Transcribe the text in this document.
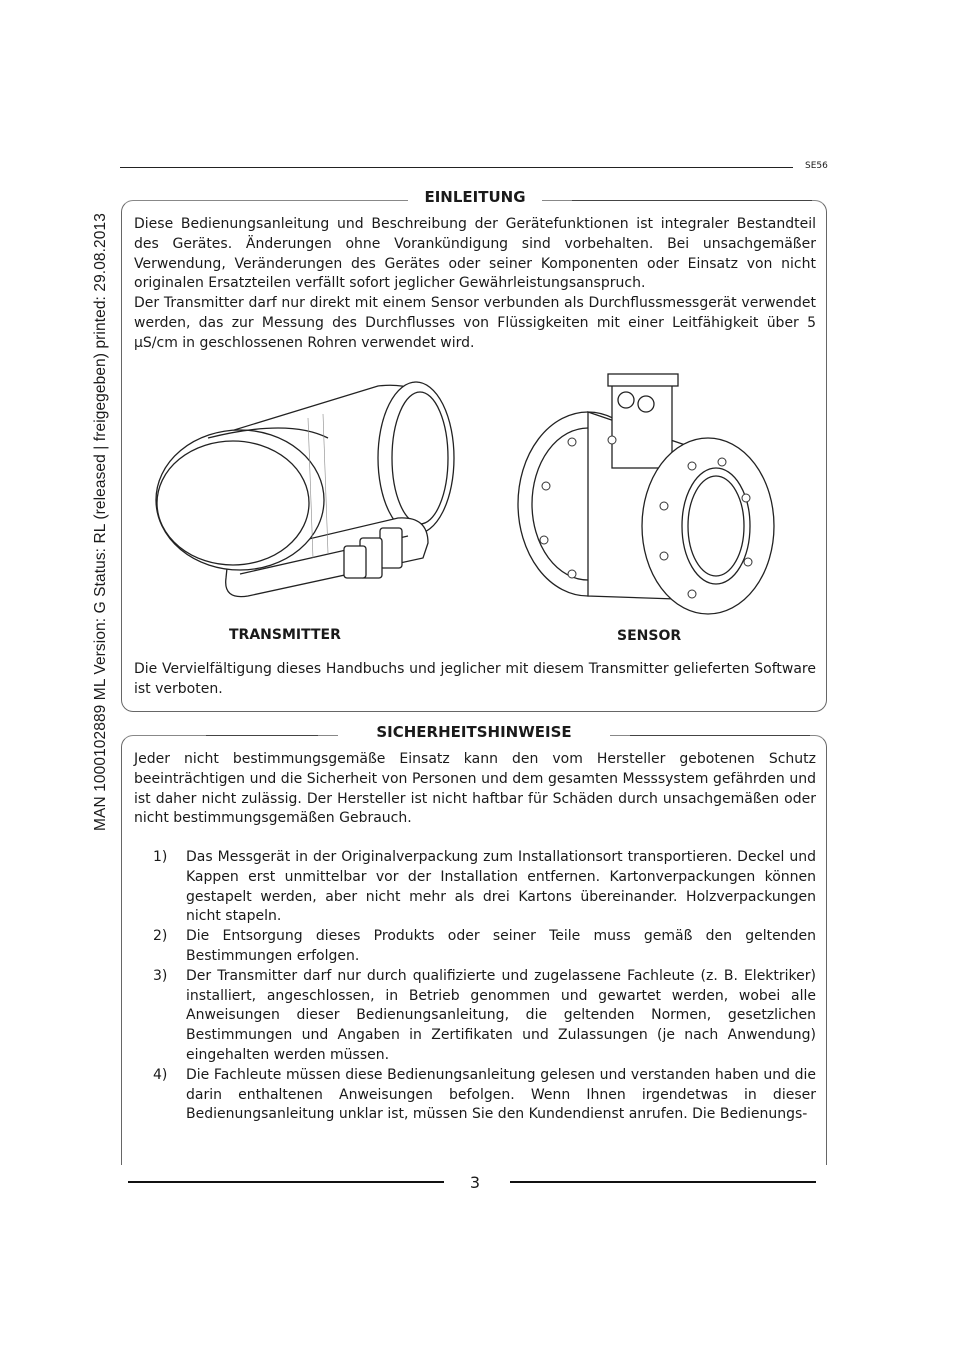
MAN 1000102889 ML Version: G Status: RL (released | freigegeben) printed: 29.08.2013
SE56
EINLEITUNG

Diese Bedienungsanleitung und Beschreibung der Gerätefunktionen ist integraler Bestandteil des Gerätes. Änderungen ohne Vorankündigung sind vorbehalten. Bei unsachgemäßer Verwendung, Veränderungen des Gerätes oder seiner Komponenten oder Einsatz von nicht originalen Ersatzteilen verfällt sofort jeglicher Gewährleistungsanspruch.

Der Transmitter darf nur direkt mit einem Sensor verbunden als Durchflussmessgerät verwendet werden, das zur Messung des Durchflusses von Flüssigkeiten mit einer Leitfähigkeit über 5 µS/cm in geschlossenen Rohren verwendet wird.

TRANSMITTER	SENSOR

Die Vervielfältigung dieses Handbuchs und jeglicher mit diesem Transmitter gelieferten Software ist verboten.

SICHERHEITSHINWEISE

Jeder nicht bestimmungsgemäße Einsatz kann den vom Hersteller gebotenen Schutz beeinträchtigen und die Sicherheit von Personen und dem gesamten Messsystem gefährden und ist daher nicht zulässig. Der Hersteller ist nicht haftbar für Schäden durch unsachgemäßen oder nicht bestimmungsgemäßen Gebrauch.

1) Das Messgerät in der Originalverpackung zum Installationsort transportieren. Deckel und Kappen erst unmittelbar vor der Installation entfernen. Kartonverpackungen können gestapelt werden, aber nicht mehr als drei Kartons übereinander. Holzverpackungen nicht stapeln.
2) Die Entsorgung dieses Produkts oder seiner Teile muss gemäß den geltenden Bestimmungen erfolgen.
3) Der Transmitter darf nur durch qualifizierte und zugelassene Fachleute (z. B. Elektriker) installiert, angeschlossen, in Betrieb genommen und gewartet werden, wobei alle Anweisungen dieser Bedienungsanleitung, die geltenden Normen, gesetzlichen Bestimmungen und Angaben in Zertifikaten und Zulassungen (je nach Anwendung) eingehalten werden müssen.
4) Die Fachleute müssen diese Bedienungsanleitung gelesen und verstanden haben und die darin enthaltenen Anweisungen befolgen. Wenn Ihnen irgendetwas in dieser Bedienungsanleitung unklar ist, müssen Sie den Kundendienst anrufen. Die Bedienungs-
3
